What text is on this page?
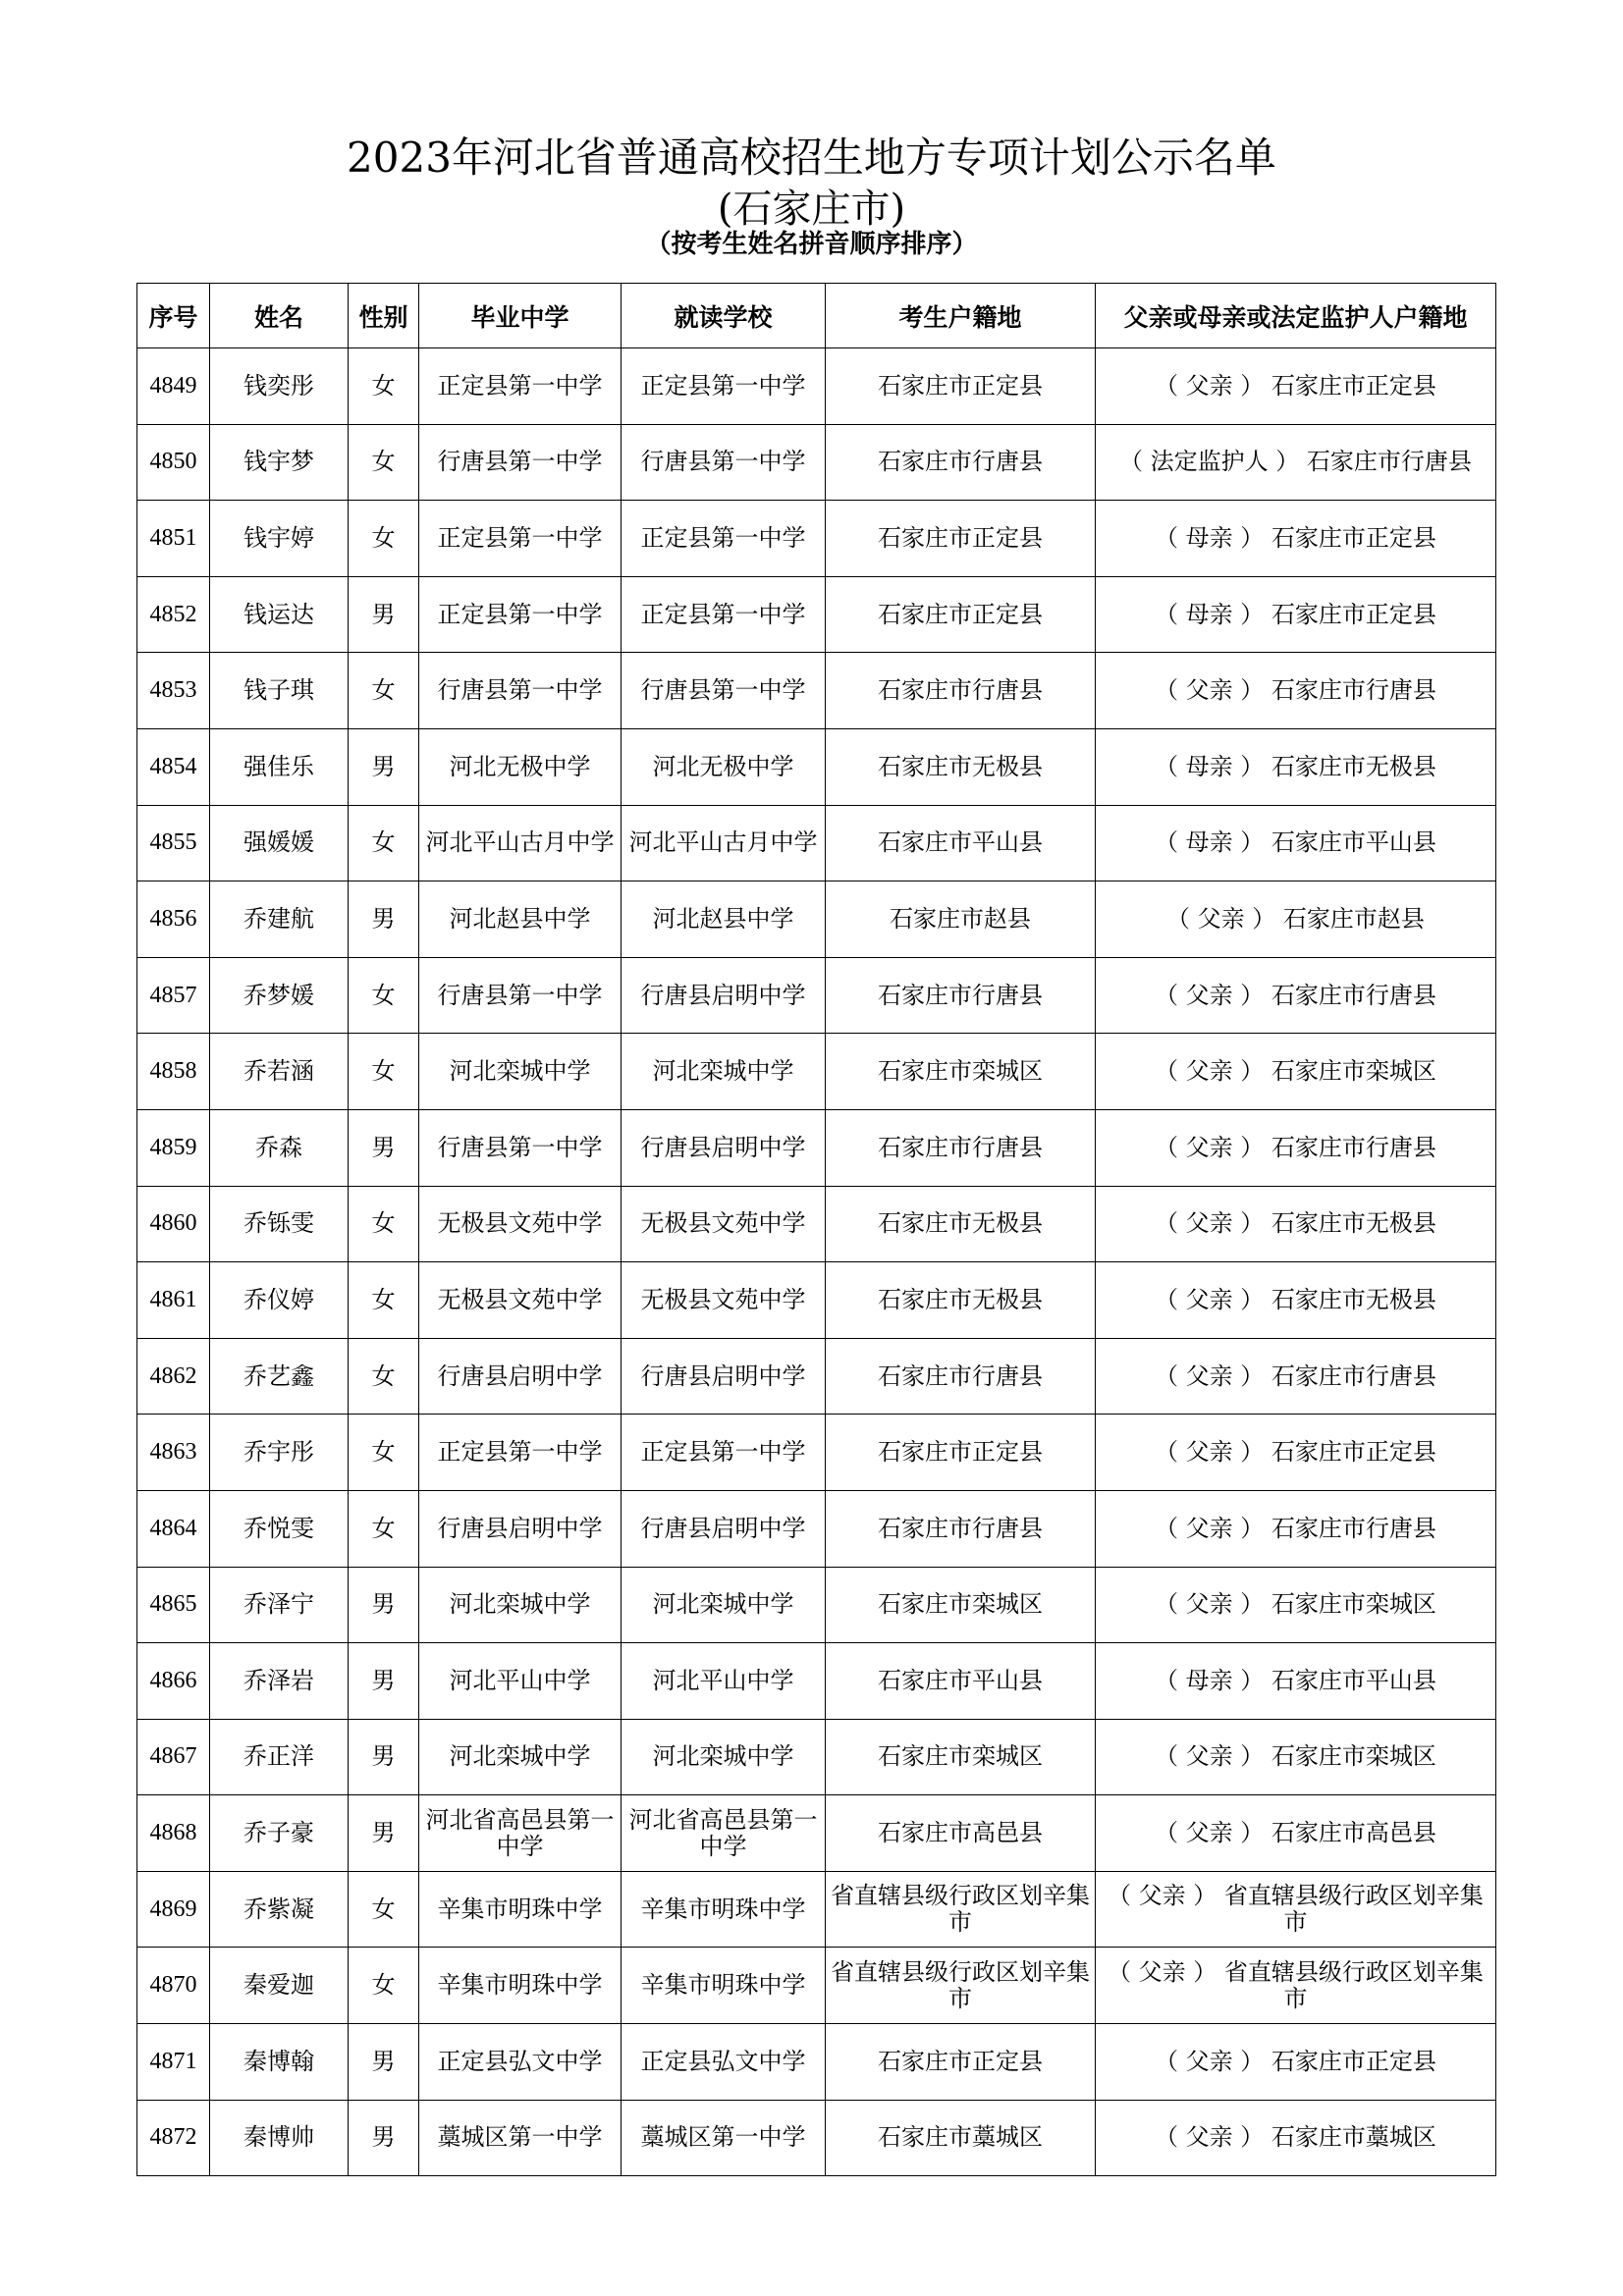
2023年河北省普通高校招生地方专项计划公示名单
(石家庄市)
（按考生姓名拼音顺序排序）
序号	姓名	性别	毕业中学	就读学校	考生户籍地	父亲或母亲或法定监护人户籍地
4849	钱奕彤	女	正定县第一中学	正定县第一中学	石家庄市正定县	（ 父亲 ） 石家庄市正定县
4850	钱宇梦	女	行唐县第一中学	行唐县第一中学	石家庄市行唐县	（ 法定监护人 ） 石家庄市行唐县
4851	钱宇婷	女	正定县第一中学	正定县第一中学	石家庄市正定县	（ 母亲 ） 石家庄市正定县
4852	钱运达	男	正定县第一中学	正定县第一中学	石家庄市正定县	（ 母亲 ） 石家庄市正定县
4853	钱子琪	女	行唐县第一中学	行唐县第一中学	石家庄市行唐县	（ 父亲 ） 石家庄市行唐县
4854	强佳乐	男	河北无极中学	河北无极中学	石家庄市无极县	（ 母亲 ） 石家庄市无极县
4855	强媛媛	女	河北平山古月中学	河北平山古月中学	石家庄市平山县	（ 母亲 ） 石家庄市平山县
4856	乔建航	男	河北赵县中学	河北赵县中学	石家庄市赵县	（ 父亲 ） 石家庄市赵县
4857	乔梦媛	女	行唐县第一中学	行唐县启明中学	石家庄市行唐县	（ 父亲 ） 石家庄市行唐县
4858	乔若涵	女	河北栾城中学	河北栾城中学	石家庄市栾城区	（ 父亲 ） 石家庄市栾城区
4859	乔森	男	行唐县第一中学	行唐县启明中学	石家庄市行唐县	（ 父亲 ） 石家庄市行唐县
4860	乔铄雯	女	无极县文苑中学	无极县文苑中学	石家庄市无极县	（ 父亲 ） 石家庄市无极县
4861	乔仪婷	女	无极县文苑中学	无极县文苑中学	石家庄市无极县	（ 父亲 ） 石家庄市无极县
4862	乔艺鑫	女	行唐县启明中学	行唐县启明中学	石家庄市行唐县	（ 父亲 ） 石家庄市行唐县
4863	乔宇彤	女	正定县第一中学	正定县第一中学	石家庄市正定县	（ 父亲 ） 石家庄市正定县
4864	乔悦雯	女	行唐县启明中学	行唐县启明中学	石家庄市行唐县	（ 父亲 ） 石家庄市行唐县
4865	乔泽宁	男	河北栾城中学	河北栾城中学	石家庄市栾城区	（ 父亲 ） 石家庄市栾城区
4866	乔泽岩	男	河北平山中学	河北平山中学	石家庄市平山县	（ 母亲 ） 石家庄市平山县
4867	乔正洋	男	河北栾城中学	河北栾城中学	石家庄市栾城区	（ 父亲 ） 石家庄市栾城区
4868	乔子豪	男	河北省高邑县第一中学	河北省高邑县第一中学	石家庄市高邑县	（ 父亲 ） 石家庄市高邑县
4869	乔紫凝	女	辛集市明珠中学	辛集市明珠中学	省直辖县级行政区划辛集市	（ 父亲 ） 省直辖县级行政区划辛集市
4870	秦爱迦	女	辛集市明珠中学	辛集市明珠中学	省直辖县级行政区划辛集市	（ 父亲 ） 省直辖县级行政区划辛集市
4871	秦博翰	男	正定县弘文中学	正定县弘文中学	石家庄市正定县	（ 父亲 ） 石家庄市正定县
4872	秦博帅	男	藁城区第一中学	藁城区第一中学	石家庄市藁城区	（ 父亲 ） 石家庄市藁城区
